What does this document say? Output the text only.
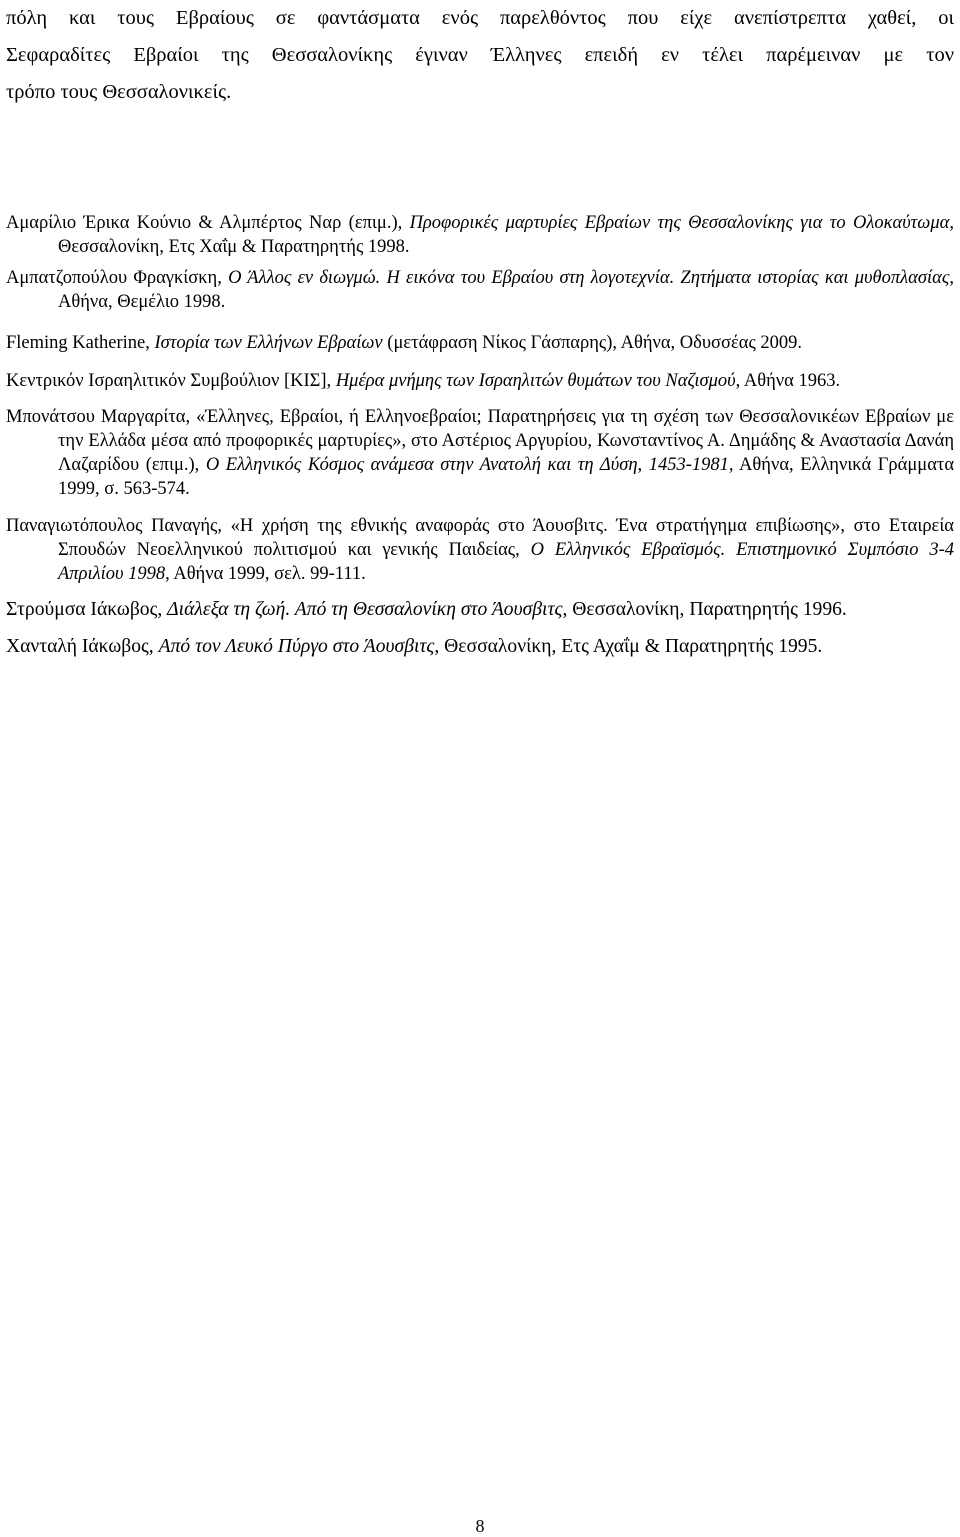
πόλη και τους Εβραίους σε φαντάσματα ενός παρελθόντος που είχε ανεπίστρεπτα χαθεί, οι
Σεφαραδίτες Εβραίοι της Θεσσαλονίκης έγιναν Έλληνες επειδή εν τέλει παρέμειναν με τον
τρόπο τους Θεσσαλονικείς.

Αμαρίλιο Έρικα Κούνιο & Αλμπέρτος Ναρ (επιμ.), Προφορικές μαρτυρίες Εβραίων της Θεσσαλονίκης για το Ολοκαύτωμα, Θεσσαλονίκη, Ετς Χαΐμ & Παρατηρητής 1998.

Αμπατζοπούλου Φραγκίσκη, Ο Άλλος εν διωγμώ. Η εικόνα του Εβραίου στη λογοτεχνία. Ζητήματα ιστορίας και μυθοπλασίας, Αθήνα, Θεμέλιο 1998.

Fleming Katherine, Ιστορία των Ελλήνων Εβραίων (μετάφραση Νίκος Γάσπαρης), Αθήνα, Οδυσσέας 2009.

Κεντρικόν Ισραηλιτικόν Συμβούλιον [ΚΙΣ], Ημέρα μνήμης των Ισραηλιτών θυμάτων του Ναζισμού, Αθήνα 1963.

Μπονάτσου Μαργαρίτα, «Έλληνες, Εβραίοι, ή Ελληνοεβραίοι; Παρατηρήσεις για τη σχέση των Θεσσαλονικέων Εβραίων με την Ελλάδα μέσα από προφορικές μαρτυρίες», στο Αστέριος Αργυρίου, Κωνσταντίνος Α. Δημάδης & Αναστασία Δανάη Λαζαρίδου (επιμ.), Ο Ελληνικός Κόσμος ανάμεσα στην Ανατολή και τη Δύση, 1453-1981, Αθήνα, Ελληνικά Γράμματα 1999, σ. 563-574.

Παναγιωτόπουλος Παναγής, «Η χρήση της εθνικής αναφοράς στο Άουσβιτς. Ένα στρατήγημα επιβίωσης», στο Εταιρεία Σπουδών Νεοελληνικού πολιτισμού και γενικής Παιδείας, Ο Ελληνικός Εβραϊσμός. Επιστημονικό Συμπόσιο 3-4 Απριλίου 1998, Αθήνα 1999, σελ. 99-111.

Στρούμσα Ιάκωβος, Διάλεξα τη ζωή. Από τη Θεσσαλονίκη στο Άουσβιτς, Θεσσαλονίκη, Παρατηρητής 1996.

Χανταλή Ιάκωβος, Από τον Λευκό Πύργο στο Άουσβιτς, Θεσσαλονίκη, Ετς Αχαΐμ & Παρατηρητής 1995.

8
